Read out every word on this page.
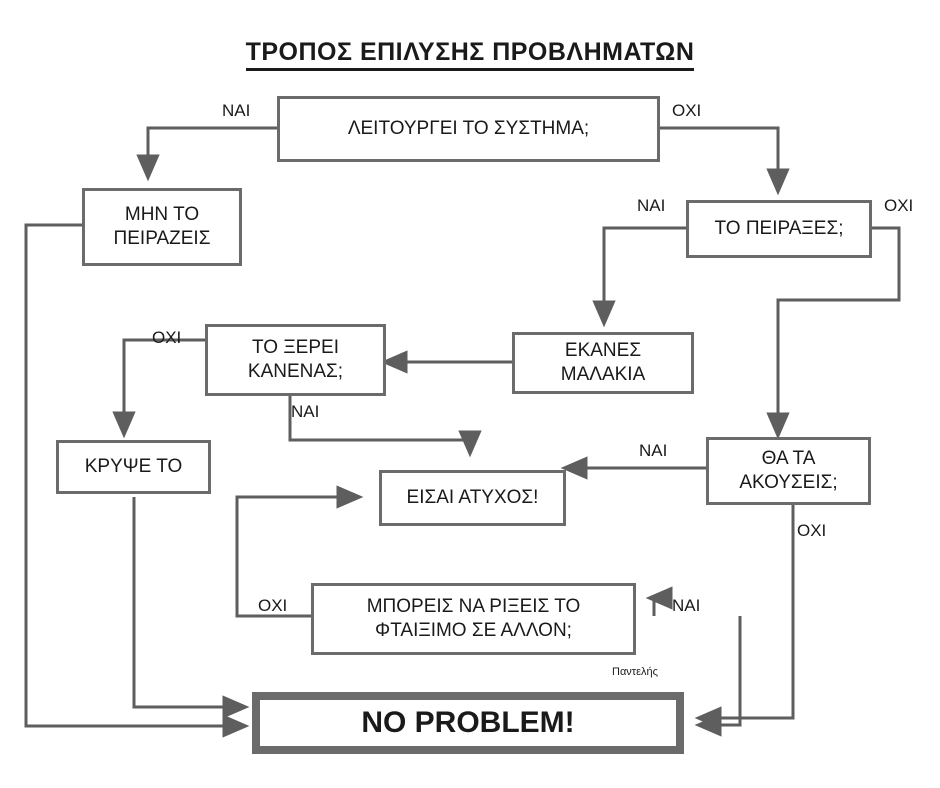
ΤΡΟΠΟΣ ΕΠΙΛΥΣΗΣ ΠΡΟΒΛΗΜΑΤΩΝ
ΛΕΙΤΟΥΡΓΕΙ ΤΟ ΣΥΣΤΗΜΑ;
ΜΗΝ ΤΟ ΠΕΙΡΑΖΕΙΣ	ΤΟ ΠΕΙΡΑΞΕΣ;
ΕΚΑΝΕΣ ΜΑΛΑΚΙΑ
ΤΟ ΞΕΡΕΙ ΚΑΝΕΝΑΣ;
ΚΡΥΨΕ ΤΟ	ΘΑ ΤΑ ΑΚΟΥΣΕΙΣ;
ΕΙΣΑΙ ΑΤΥΧΟΣ!
ΜΠΟΡΕΙΣ ΝΑ ΡΙΞΕΙΣ ΤΟ ΦΤΑΙΞΙΜΟ ΣΕ ΑΛΛΟΝ;
NO PROBLEM!
ΝΑΙ	ΟΧΙ
ΝΑΙ	ΟΧΙ
ΟΧΙ
ΝΑΙ
ΝΑΙ
ΟΧΙ
ΟΧΙ	ΝΑΙ
Παντελής
